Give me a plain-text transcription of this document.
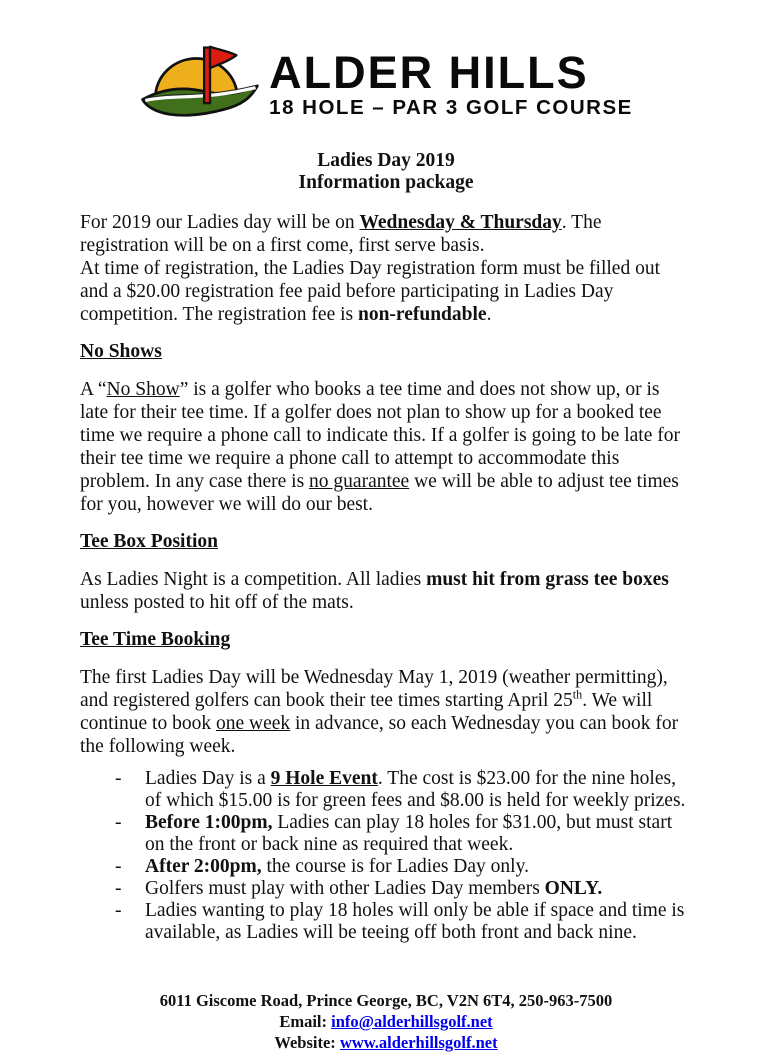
ALDER HILLS
18 HOLE – PAR 3 GOLF COURSE
Ladies Day 2019
Information package

For 2019 our Ladies day will be on Wednesday & Thursday. The registration will be on a first come, first serve basis.

At time of registration, the Ladies Day registration form must be filled out and a $20.00 registration fee paid before participating in Ladies Day competition. The registration fee is non-refundable.

No Shows

A “No Show” is a golfer who books a tee time and does not show up, or is late for their tee time. If a golfer does not plan to show up for a booked tee time we require a phone call to indicate this. If a golfer is going to be late for their tee time we require a phone call to attempt to accommodate this problem. In any case there is no guarantee we will be able to adjust tee times for you, however we will do our best.

Tee Box Position

As Ladies Night is a competition. All ladies must hit from grass tee boxes unless posted to hit off of the mats.

Tee Time Booking

The first Ladies Day will be Wednesday May 1, 2019 (weather permitting), and registered golfers can book their tee times starting April 25th. We will continue to book one week in advance, so each Wednesday you can book for the following week.

-	Ladies Day is a 9 Hole Event. The cost is $23.00 for the nine holes, of which $15.00 is for green fees and $8.00 is held for weekly prizes.
-	Before 1:00pm, Ladies can play 18 holes for $31.00, but must start on the front or back nine as required that week.
-	After 2:00pm, the course is for Ladies Day only.
-	Golfers must play with other Ladies Day members ONLY.
-	Ladies wanting to play 18 holes will only be able if space and time is available, as Ladies will be teeing off both front and back nine.
6011 Giscome Road, Prince George, BC, V2N 6T4, 250-963-7500
Email: info@alderhillsgolf.net
Website: www.alderhillsgolf.net
